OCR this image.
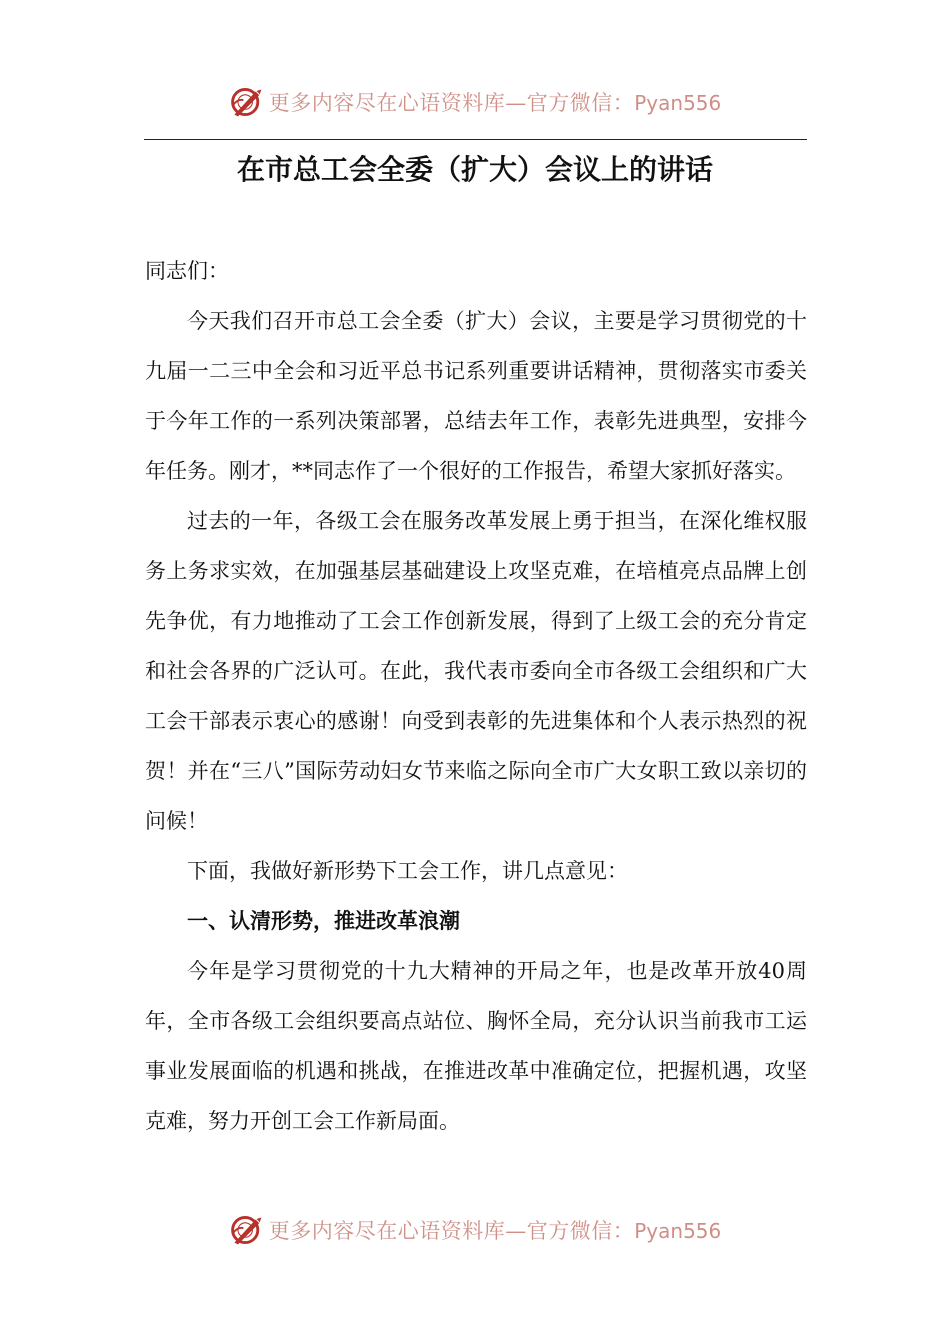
更多内容尽在心语资料库—官方微信：Pyan556
在市总工会全委（扩大）会议上的讲话

同志们：

今天我们召开市总工会全委（扩大）会议，主要是学习贯彻党的十九届一二三中全会和习近平总书记系列重要讲话精神，贯彻落实市委关于今年工作的一系列决策部署，总结去年工作，表彰先进典型，安排今年任务。刚才，**同志作了一个很好的工作报告，希望大家抓好落实。

过去的一年，各级工会在服务改革发展上勇于担当，在深化维权服务上务求实效，在加强基层基础建设上攻坚克难，在培植亮点品牌上创先争优，有力地推动了工会工作创新发展，得到了上级工会的充分肯定和社会各界的广泛认可。在此，我代表市委向全市各级工会组织和广大工会干部表示衷心的感谢！向受到表彰的先进集体和个人表示热烈的祝贺！并在“三八”国际劳动妇女节来临之际向全市广大女职工致以亲切的问候！

下面，我做好新形势下工会工作，讲几点意见：

一、认清形势，推进改革浪潮

今年是学习贯彻党的十九大精神的开局之年，也是改革开放40周年，全市各级工会组织要高点站位、胸怀全局，充分认识当前我市工运事业发展面临的机遇和挑战，在推进改革中准确定位，把握机遇，攻坚克难，努力开创工会工作新局面。

更多内容尽在心语资料库—官方微信：Pyan556
